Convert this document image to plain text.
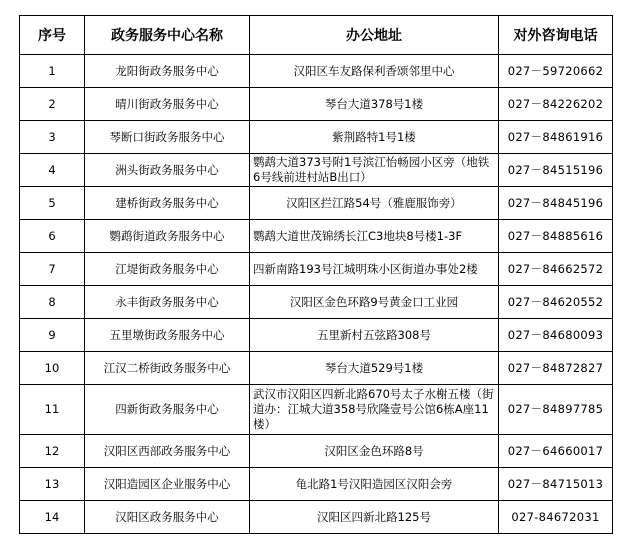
序号	政务服务中心名称	办公地址	对外咨询电话
1	龙阳街政务服务中心	汉阳区车友路保利香颂邻里中心	027－59720662
2	晴川街政务服务中心	琴台大道378号1楼	027－84226202
3	琴断口街政务服务中心	紫荆路特1号1楼	027－84861916
4	洲头街政务服务中心	鹦鹉大道373号附1号滨江怡畅园小区旁（地铁6号线前进村站B出口）	027－84515196
5	建桥街政务服务中心	汉阳区拦江路54号（雅鹿服饰旁）	027－84845196
6	鹦鹉街道政务服务中心	鹦鹉大道世茂锦绣长江C3地块8号楼1-3F	027－84885616
7	江堤街政务服务中心	四新南路193号江城明珠小区街道办事处2楼	027－84662572
8	永丰街政务服务中心	汉阳区金色环路9号黄金口工业园	027－84620552
9	五里墩街政务服务中心	五里新村五弦路308号	027－84680093
10	江汉二桥街政务服务中心	琴台大道529号1楼	027－84872827
11	四新街政务服务中心	武汉市汉阳区四新北路670号太子水榭五楼（街道办：江城大道358号欣隆壹号公馆6栋A座11楼）	027－84897785
12	汉阳区西部政务服务中心	汉阳区金色环路8号	027－64660017
13	汉阳造园区企业服务中心	龟北路1号汉阳造园区汉阳会旁	027－84715013
14	汉阳区政务服务中心	汉阳区四新北路125号	027-84672031
